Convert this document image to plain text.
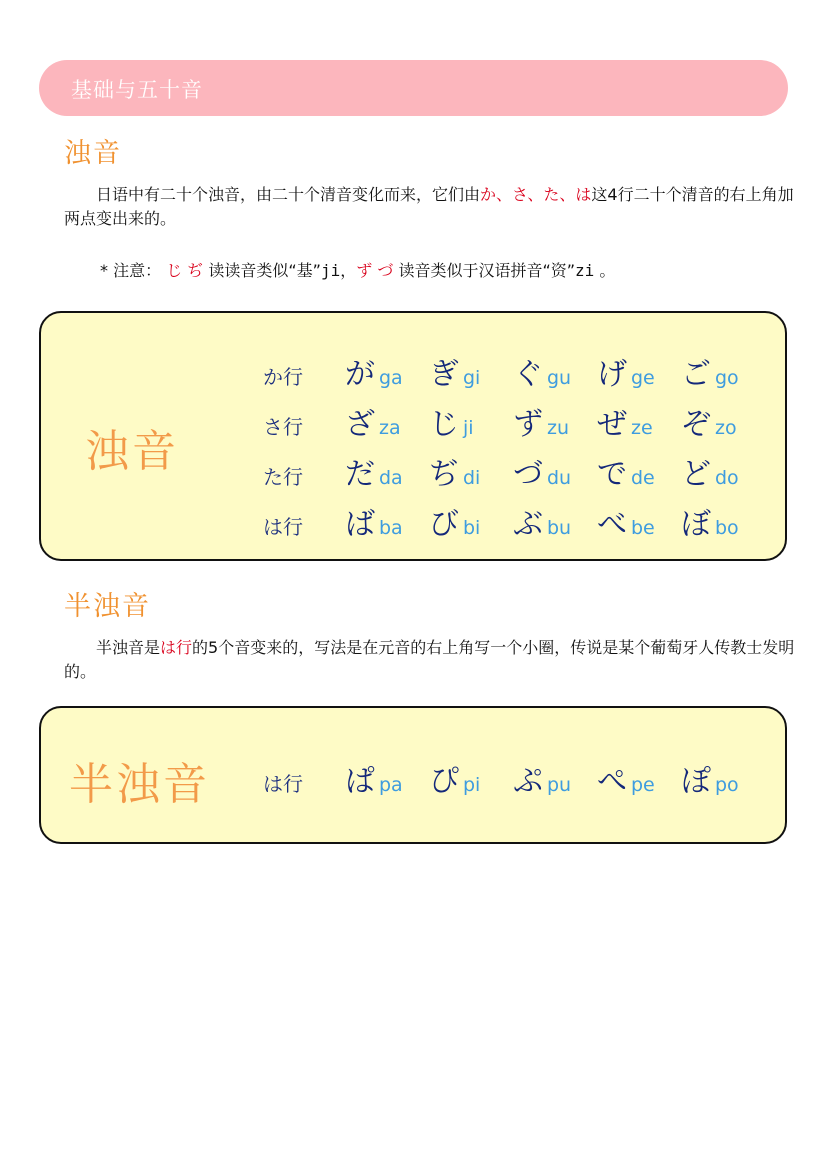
基础与五十音
浊音
日语中有二十个浊音，由二十个清音变化而来，它们由か、さ、た、は这4行二十个清音的右上角加两点变出来的。
* 注意： じ ぢ 读读音类似“基”ji，ず づ 读音类似于汉语拼音“资”zi 。
浊音
か行 がga ぎgi ぐgu げge ごgo
さ行 ざza じji ずzu ぜze ぞzo
た行 だda ぢdi づdu でde どdo
は行 ばba びbi ぶbu べbe ぼbo
半浊音
半浊音是は行的5个音变来的，写法是在元音的右上角写一个小圈，传说是某个葡萄牙人传教士发明的。
半浊音	は行 ぱpa ぴpi ぷpu ぺpe ぽpo
